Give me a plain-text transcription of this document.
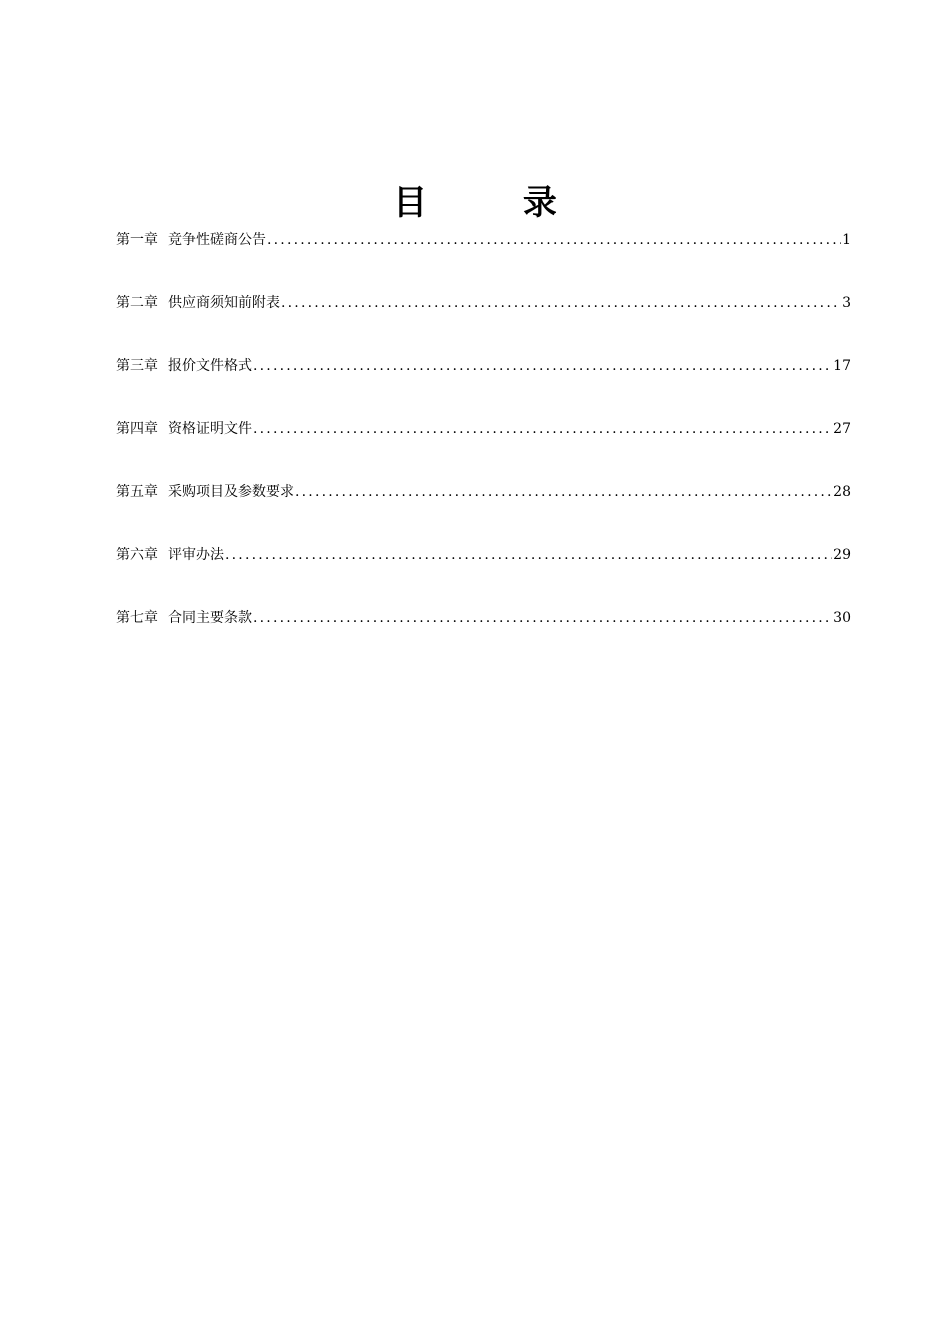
目 录
第一章 竞争性磋商公告 .....	1
第二章 供应商须知前附表 .....	3
第三章 报价文件格式 .....	17
第四章 资格证明文件 .....	27
第五章 采购项目及参数要求 .....	28
第六章 评审办法 .....	29
第七章 合同主要条款 .....	30
